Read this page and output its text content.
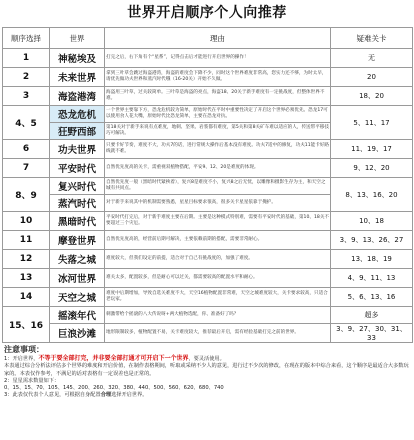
世界开启顺序个人向推荐
顺序选择	世界	理由	疑难关卡
1	神秘埃及	打完之后，右下角有个“星系”，记得点击后才能进行开启世界的操作！	无
2	未来世界	拿到三叶草会跳过海盗港湾，海盗的难度会下降不少，同时这个世界难度非常高，您实力还不够，为时太早，请优先做功夫世界和蒸汽时代哦（16-20关）开始不久做。	20
3	海盗港湾	海盗用三叶草，过关较简单。三叶草是海盗的亮点，海盗18、20关于新手难度有一定挑战度，但整体世界不难。	18、20
4、5	恐龙危机	一个世界主要靠下方，恐龙危机较为简单，原始时代在平时中重要性决定了开启这个世界必须优先。恐龙17可以使用食人花大嘴，原始时代比恐龙简单，主要在恐龙对抗。	5、11、17
	狂野西部	第18关对于新手来说有点难度，地刺、坚果、岩浆都有难度，第5关和第8关矿车难以适应的人，传送带平移技巧可解决。	
6	功夫世界	只要卡好节奏，难度不大，功夫7的话，进行常规大操作后基本没有难度。功夫7适中的修复，功夫11能卡好路线就不难。	11、19、17
7	平安时代	自然优先度高的关卡，需重视双植物搭配，平安9、12、20是难度的体现。	9、12、20
8、9	复兴时代	自然优先度一般（黑暗时代紧挨着），复兴8是难度不小，复兴8之后无忧，以雕像和摄影生存为主，和天空之城有共同点。	8、13、16、20
	蒸汽时代	对于新手来说其中的机制需要熟悉，星星目标要求很高，很多关卡星星依靠于掩护。	
10	黑暗时代	平安时代打完后，对于新手难度主要在后期。主要是这种模式特别难，需要有平安时代的基础，第10、18关不要超过三个灾厄。	10、18
11	摩登世界	自然优先度高的，经营前后期可解决，主要依赖前期的搭配，需要非常耐心。	3、9、13、26、27
12	失落之城	难度较大，但我们设定的前提，适合对于自己有挑战度的，加强了难度。	13、18、19
13	冰河世界	难关太多，配置较多，但是耐心可以过关，都需要较高的配置水平和耐心。	4、9、11、13
14	天空之城	难度中后期增加，导致自选关难度不大，天空16植物配置非常难，天空之城难度较大，关卡要求较高，只适合老玩家。	5、6、13、16
15、16	摇滚年代	刺激带给个摇滚的八大传说呀+两大植物选配，你、准备好了吗？	超多
	巨浪沙滩	地形限制较多，植物配置不易，关卡难度较大，推荐最后开启，需有经验基础打完之前的世界。	3、9、27、30、31、33
注意事项：
1：开启世界，不等于要全部打完，并非要全部打通才可开启下一个世界，要灵活使用。
本表通过综合分析法评估多个世界的难度和开启价值，在制作表格期间，听取或采纳不少人的意见，进行过不少次的修改，在现在的版本中综合来看，这个顺序是最适合大多数玩家的。本表仅作参考，不满足的话对表格有一定误差也是正常的。
2：星星需求数量如下：
0、15、15、70、105、145、200、260、320、380、440、500、560、620、680、740
3：此表仅代表个人意见，可根据自身配置合理选择开启世界。
